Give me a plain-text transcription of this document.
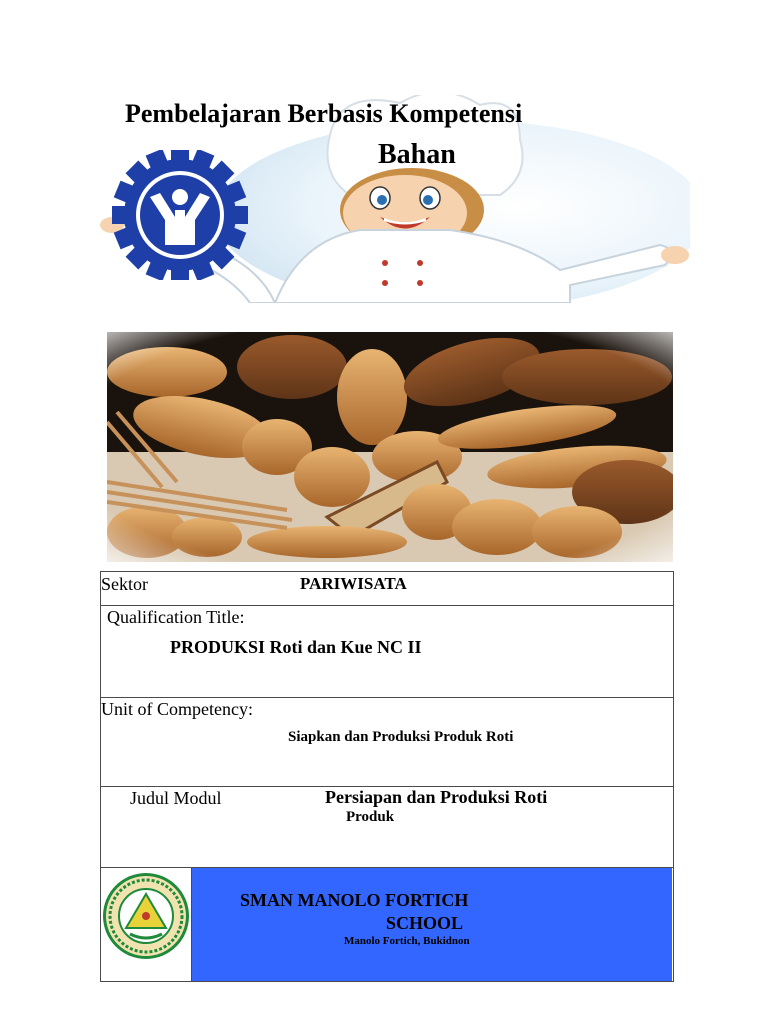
Pembelajaran Berbasis Kompetensi
Bahan
Sektor	PARIWISATA
Qualification Title:
PRODUKSI Roti dan Kue NC II
Unit of Competency:
Siapkan dan Produksi Produk Roti
Judul Modul	Persiapan dan Produksi Roti
Produk
SMAN MANOLO FORTICH
SCHOOL
Manolo Fortich, Bukidnon
